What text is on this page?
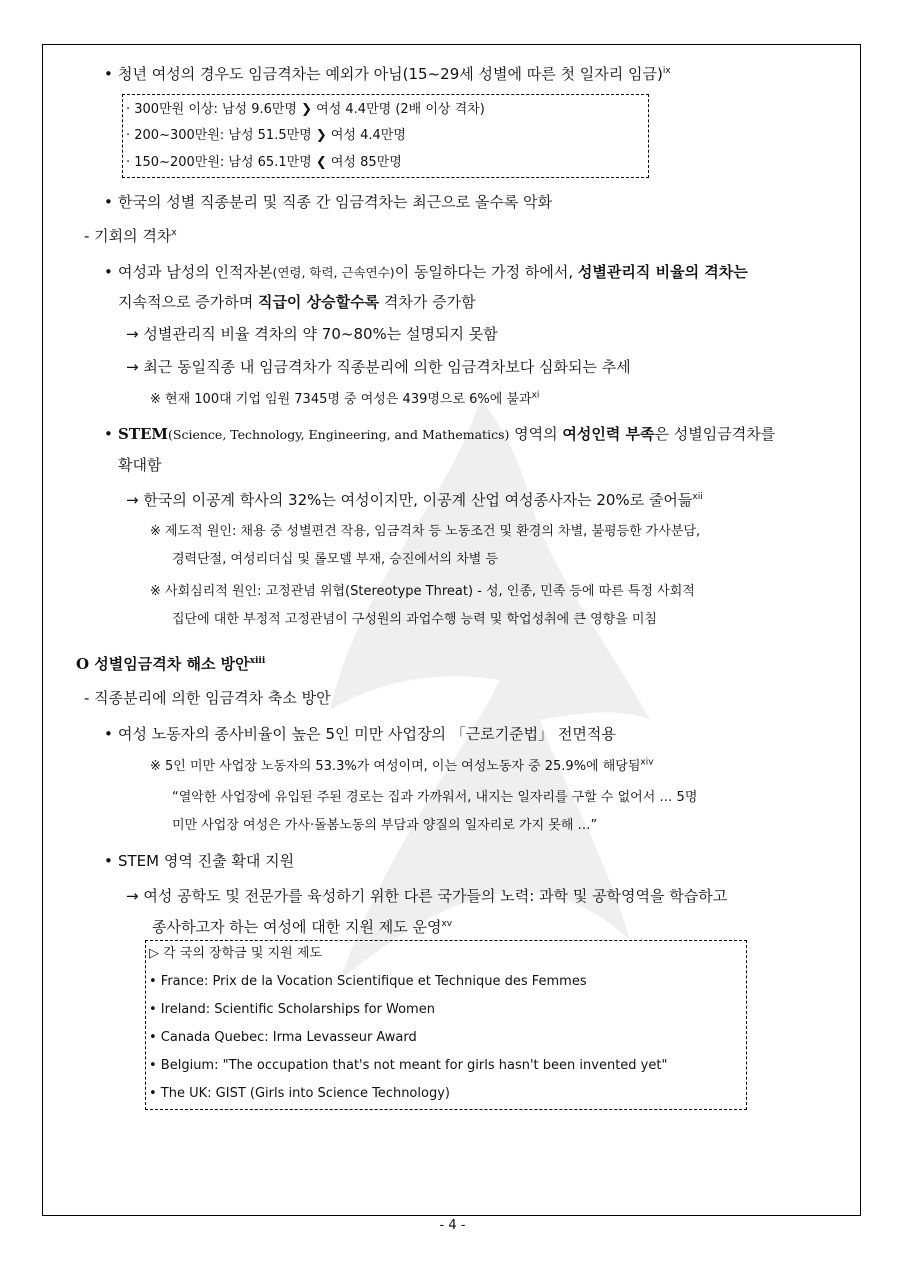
• 청년 여성의 경우도 임금격차는 예외가 아님(15~29세 성별에 따른 첫 일자리 임금)$^{ix}$
· 300만원 이상: 남성 9.6만명 ❯ 여성 4.4만명 (2배 이상 격차)
· 200~300만원: 남성 51.5만명 ❯ 여성 4.4만명
· 150~200만원: 남성 65.1만명 ❮ 여성 85만명
• 한국의 성별 직종분리 및 직종 간 임금격차는 최근으로 올수록 악화
- 기회의 격차$^x$
• 여성과 남성의 인적자본(연령, 학력, 근속연수)이 동일하다는 가정 하에서, 성별관리직 비율의 격차는
지속적으로 증가하며 직급이 상승할수록 격차가 증가함
→ 성별관리직 비율 격차의 약 70~80%는 설명되지 못함
→ 최근 동일직종 내 임금격차가 직종분리에 의한 임금격차보다 심화되는 추세
※ 현재 100대 기업 임원 7345명 중 여성은 439명으로 6%에 불과$^{xi}$
• STEM(Science, Technology, Engineering, and Mathematics) 영역의 여성인력 부족은 성별임금격차를
확대함
→ 한국의 이공계 학사의 32%는 여성이지만, 이공계 산업 여성종사자는 20%로 줄어듦$^{xii}$
※ 제도적 원인: 채용 중 성별편견 작용, 임금격차 등 노동조건 및 환경의 차별, 불평등한 가사분담,
경력단절, 여성리더십 및 롤모델 부재, 승진에서의 차별 등
※ 사회심리적 원인: 고정관념 위협(Stereotype Threat) - 성, 인종, 민족 등에 따른 특정 사회적
집단에 대한 부정적 고정관념이 구성원의 과업수행 능력 및 학업성취에 큰 영향을 미침
O 성별임금격차 해소 방안$^{xiii}$
- 직종분리에 의한 임금격차 축소 방안
• 여성 노동자의 종사비율이 높은 5인 미만 사업장의 「근로기준법」 전면적용
※ 5인 미만 사업장 노동자의 53.3%가 여성이며, 이는 여성노동자 중 25.9%에 해당됨$^{xiv}$
“열악한 사업장에 유입된 주된 경로는 집과 가까워서, 내지는 일자리를 구할 수 없어서 … 5명
미만 사업장 여성은 가사·돌봄노동의 부담과 양질의 일자리로 가지 못해 …”
• STEM 영역 진출 확대 지원
→ 여성 공학도 및 전문가를 육성하기 위한 다른 국가들의 노력: 과학 및 공학영역을 학습하고
종사하고자 하는 여성에 대한 지원 제도 운영$^{xv}$
▷ 각 국의 장학금 및 지원 제도
• France: Prix de la Vocation Scientifique et Technique des Femmes
• Ireland: Scientific Scholarships for Women
• Canada Quebec: Irma Levasseur Award
• Belgium: "The occupation that's not meant for girls hasn't been invented yet"
• The UK: GIST (Girls into Science Technology)
- 4 -
